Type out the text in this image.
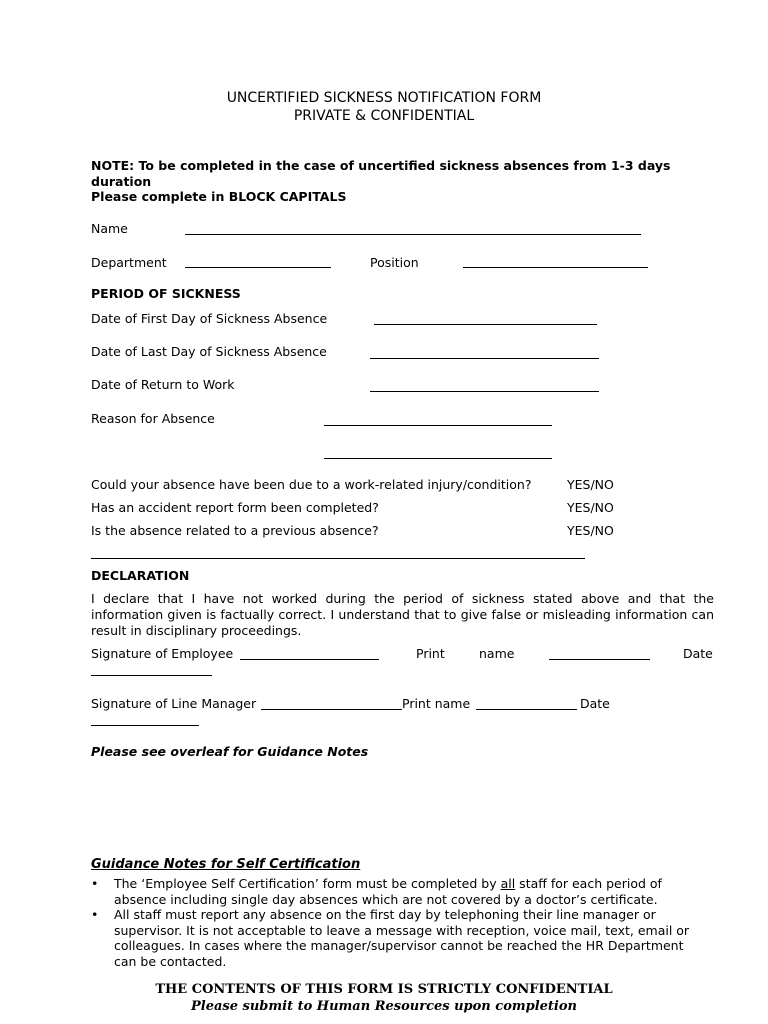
UNCERTIFIED SICKNESS NOTIFICATION FORM
PRIVATE & CONFIDENTIAL
NOTE: To be completed in the case of uncertified sickness absences from 1-3 days
duration
Please complete in BLOCK CAPITALS
Name
Department	Position
PERIOD OF SICKNESS
Date of First Day of Sickness Absence
Date of Last Day of Sickness Absence
Date of Return to Work
Reason for Absence
Could your absence have been due to a work-related injury/condition?	YES/NO
Has an accident report form been completed?	YES/NO
Is the absence related to a previous absence?	YES/NO
DECLARATION
I declare that I have not worked during the period of sickness stated above and that the information given is factually correct. I understand that to give false or misleading information can result in disciplinary proceedings.
Signature of Employee	Print	name	Date
Signature of Line Manager	Print name	Date
Please see overleaf for Guidance Notes
Guidance Notes for Self Certification
• The ‘Employee Self Certification’ form must be completed by all staff for each period of absence including single day absences which are not covered by a doctor’s certificate.
• All staff must report any absence on the first day by telephoning their line manager or supervisor. It is not acceptable to leave a message with reception, voice mail, text, email or colleagues. In cases where the manager/supervisor cannot be reached the HR Department can be contacted.
THE CONTENTS OF THIS FORM IS STRICTLY CONFIDENTIAL
Please submit to Human Resources upon completion
